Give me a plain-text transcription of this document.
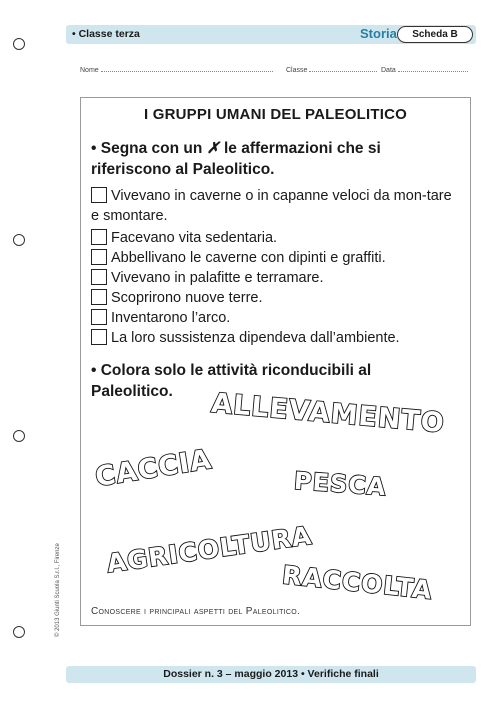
• Classe terza	Storia	Scheda B
Nome	Classe	Data
I GRUPPI UMANI DEL PALEOLITICO
• Segna con un ✗ le affermazioni che si riferiscono al Paleolitico.
Vivevano in caverne o in capanne veloci da mon-tare e smontare.
Facevano vita sedentaria.
Abbellivano le caverne con dipinti e graffiti.
Vivevano in palafitte e terramare.
Scoprirono nuove terre.
Inventarono l’arco.
La loro sussistenza dipendeva dall’ambiente.
• Colora solo le attività riconducibili al Paleolitico.	ALLEVAMENTO
CACCIA	PESCA
AGRICOLTURA
RACCOLTA
Conoscere i principali aspetti del Paleolitico.
© 2013 Giunti Scuola S.r.l., Firenze
Dossier n. 3 – maggio 2013 • Verifiche finali
